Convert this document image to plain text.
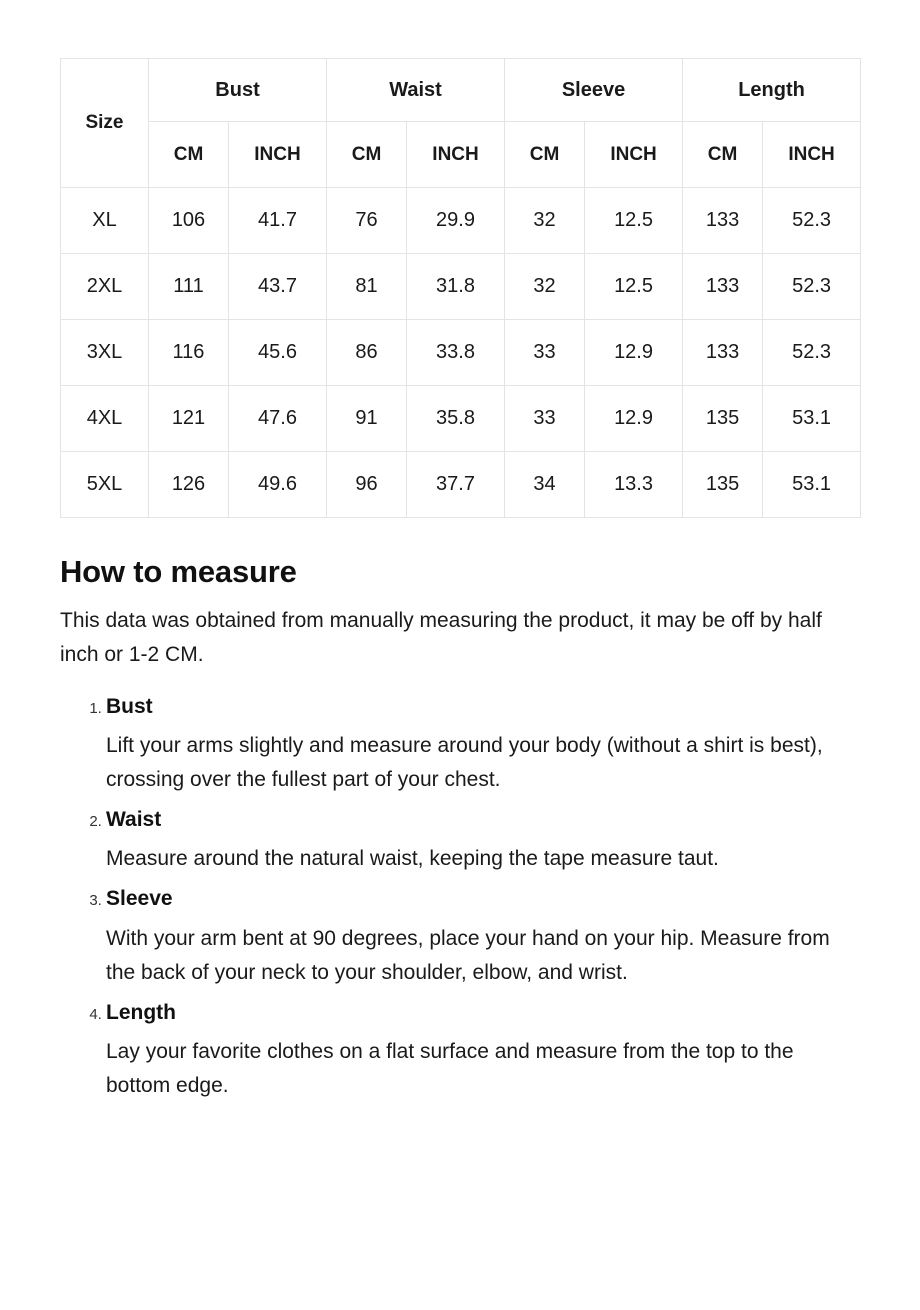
Size	Bust		Waist		Sleeve		Length	
	CM	INCH	CM	INCH	CM	INCH	CM	INCH
XL	106	41.7	76	29.9	32	12.5	133	52.3
2XL	111	43.7	81	31.8	32	12.5	133	52.3
3XL	116	45.6	86	33.8	33	12.9	133	52.3
4XL	121	47.6	91	35.8	33	12.9	135	53.1
5XL	126	49.6	96	37.7	34	13.3	135	53.1
How to measure

This data was obtained from manually measuring the product, it may be off by half inch or 1-2 CM.

1. Bust
Lift your arms slightly and measure around your body (without a shirt is best), crossing over the fullest part of your chest.
2. Waist
Measure around the natural waist, keeping the tape measure taut.
3. Sleeve
With your arm bent at 90 degrees, place your hand on your hip. Measure from the back of your neck to your shoulder, elbow, and wrist.
4. Length
Lay your favorite clothes on a flat surface and measure from the top to the bottom edge.
